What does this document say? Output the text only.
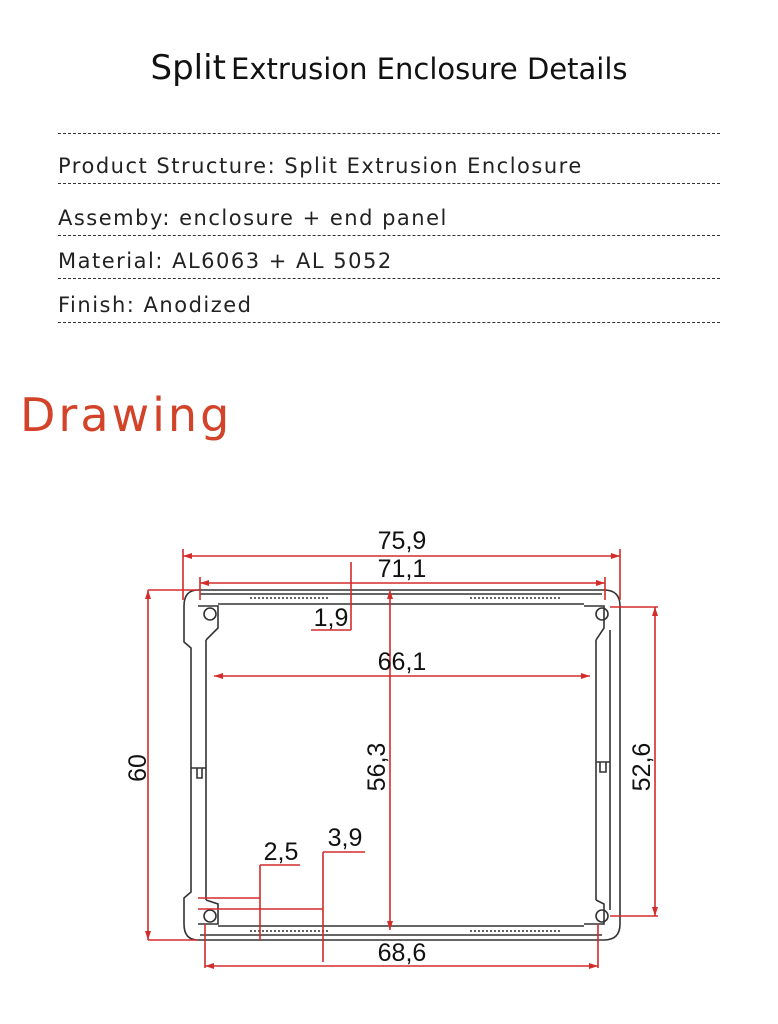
Split Extrusion Enclosure Details
Product Structure: Split Extrusion Enclosure
Assemby: enclosure + end panel
Material: AL6063 + AL 5052
Finish: Anodized
Drawing
75,9
71,1
1,9
66,1
60	56,3	52,6
2,5 3,9
68,6
